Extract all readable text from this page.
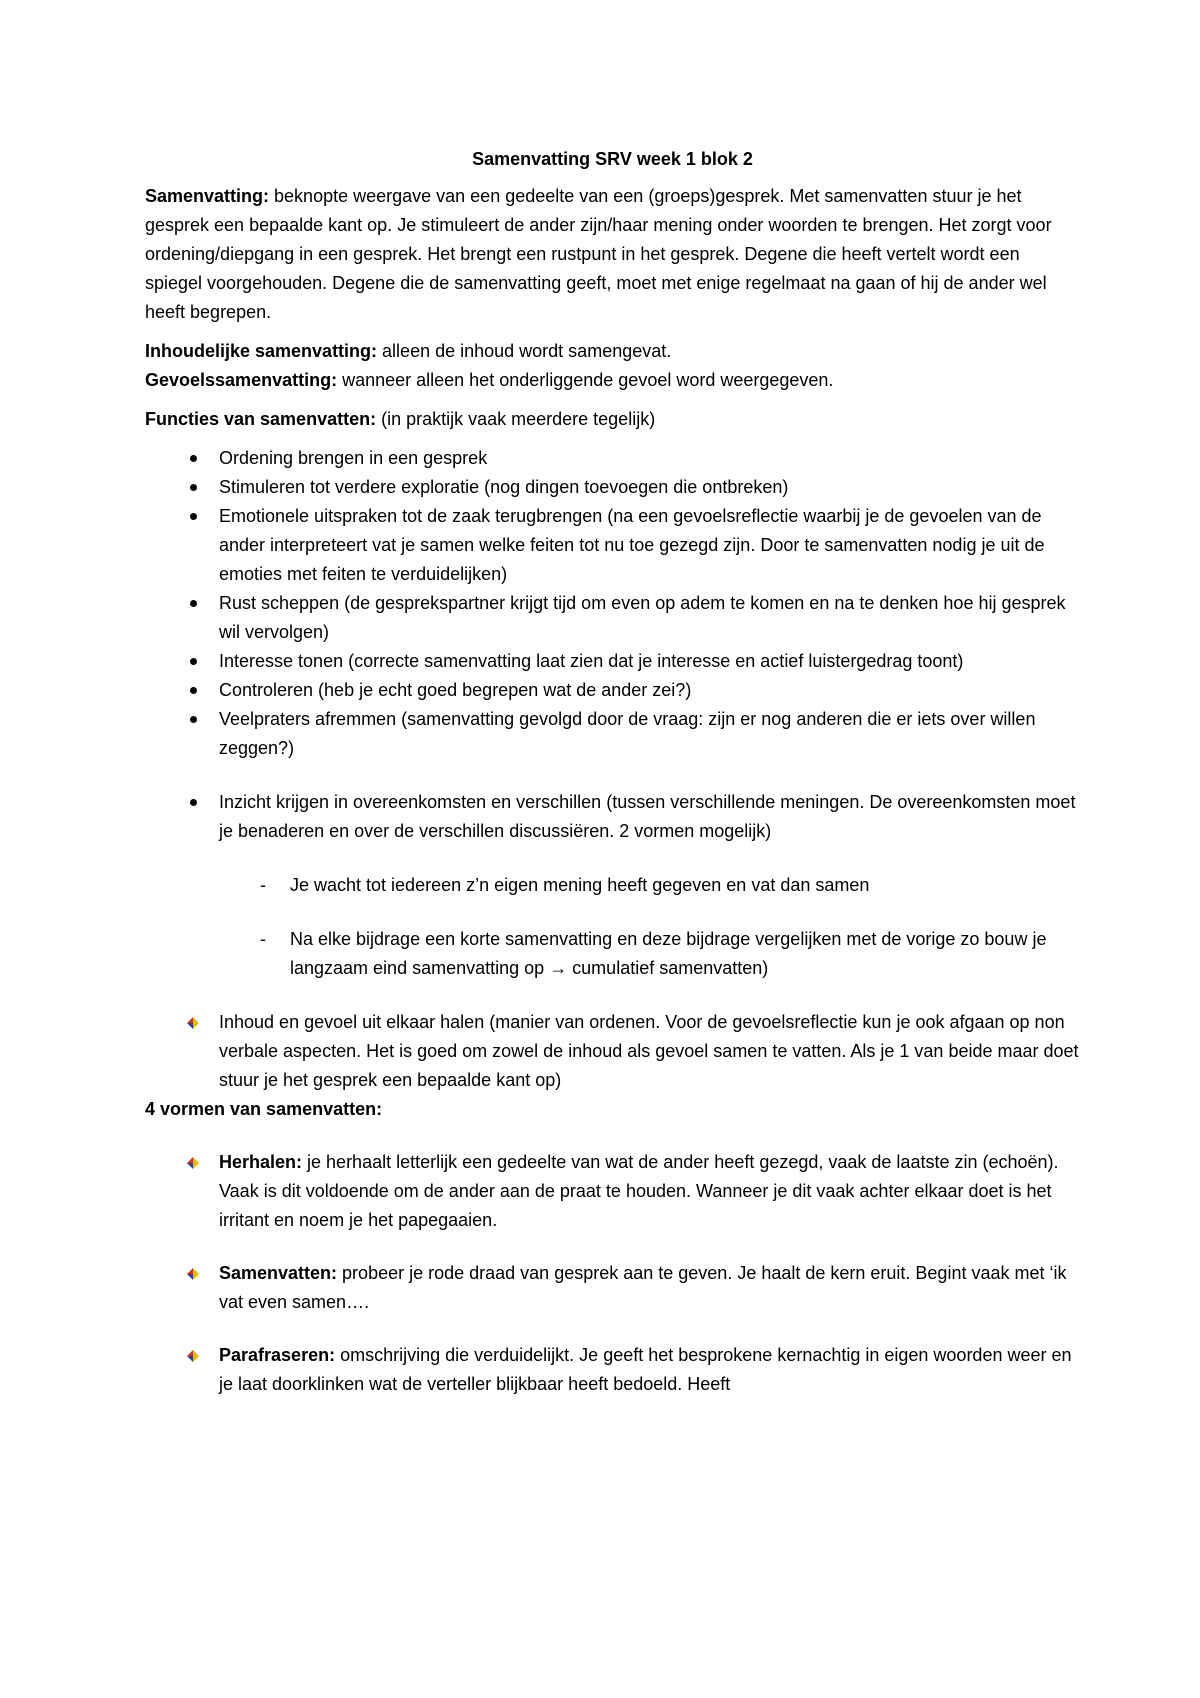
Samenvatting SRV week 1 blok 2

Samenvatting: beknopte weergave van een gedeelte van een (groeps)gesprek. Met samenvatten stuur je het gesprek een bepaalde kant op. Je stimuleert de ander zijn/haar mening onder woorden te brengen. Het zorgt voor ordening/diepgang in een gesprek. Het brengt een rustpunt in het gesprek. Degene die heeft vertelt wordt een spiegel voorgehouden. Degene die de samenvatting geeft, moet met enige regelmaat na gaan of hij de ander wel heeft begrepen.

Inhoudelijke samenvatting: alleen de inhoud wordt samengevat.

Gevoelssamenvatting: wanneer alleen het onderliggende gevoel word weergegeven.

Functies van samenvatten: (in praktijk vaak meerdere tegelijk)

Ordening brengen in een gesprek
Stimuleren tot verdere exploratie (nog dingen toevoegen die ontbreken)
Emotionele uitspraken tot de zaak terugbrengen (na een gevoelsreflectie waarbij je de gevoelen van de ander interpreteert vat je samen welke feiten tot nu toe gezegd zijn. Door te samenvatten nodig je uit de emoties met feiten te verduidelijken)
Rust scheppen (de gesprekspartner krijgt tijd om even op adem te komen en na te denken hoe hij gesprek wil vervolgen)
Interesse tonen (correcte samenvatting laat zien dat je interesse en actief luistergedrag toont)
Controleren (heb je echt goed begrepen wat de ander zei?)
Veelpraters afremmen (samenvatting gevolgd door de vraag: zijn er nog anderen die er iets over willen zeggen?)
Inzicht krijgen in overeenkomsten en verschillen (tussen verschillende meningen. De overeenkomsten moet je benaderen en over de verschillen discussiëren. 2 vormen mogelijk)
-	Je wacht tot iedereen z’n eigen mening heeft gegeven en vat dan samen
-	Na elke bijdrage een korte samenvatting en deze bijdrage vergelijken met de vorige zo bouw je langzaam eind samenvatting op → cumulatief samenvatten)
Inhoud en gevoel uit elkaar halen (manier van ordenen. Voor de gevoelsreflectie kun je ook afgaan op non verbale aspecten. Het is goed om zowel de inhoud als gevoel samen te vatten. Als je 1 van beide maar doet stuur je het gesprek een bepaalde kant op)

4 vormen van samenvatten:

Herhalen: je herhaalt letterlijk een gedeelte van wat de ander heeft gezegd, vaak de laatste zin (echoën). Vaak is dit voldoende om de ander aan de praat te houden. Wanneer je dit vaak achter elkaar doet is het irritant en noem je het papegaaien.
Samenvatten: probeer je rode draad van gesprek aan te geven. Je haalt de kern eruit. Begint vaak met ‘ik vat even samen….
Parafraseren: omschrijving die verduidelijkt. Je geeft het besprokene kernachtig in eigen woorden weer en je laat doorklinken wat de verteller blijkbaar heeft bedoeld. Heeft
